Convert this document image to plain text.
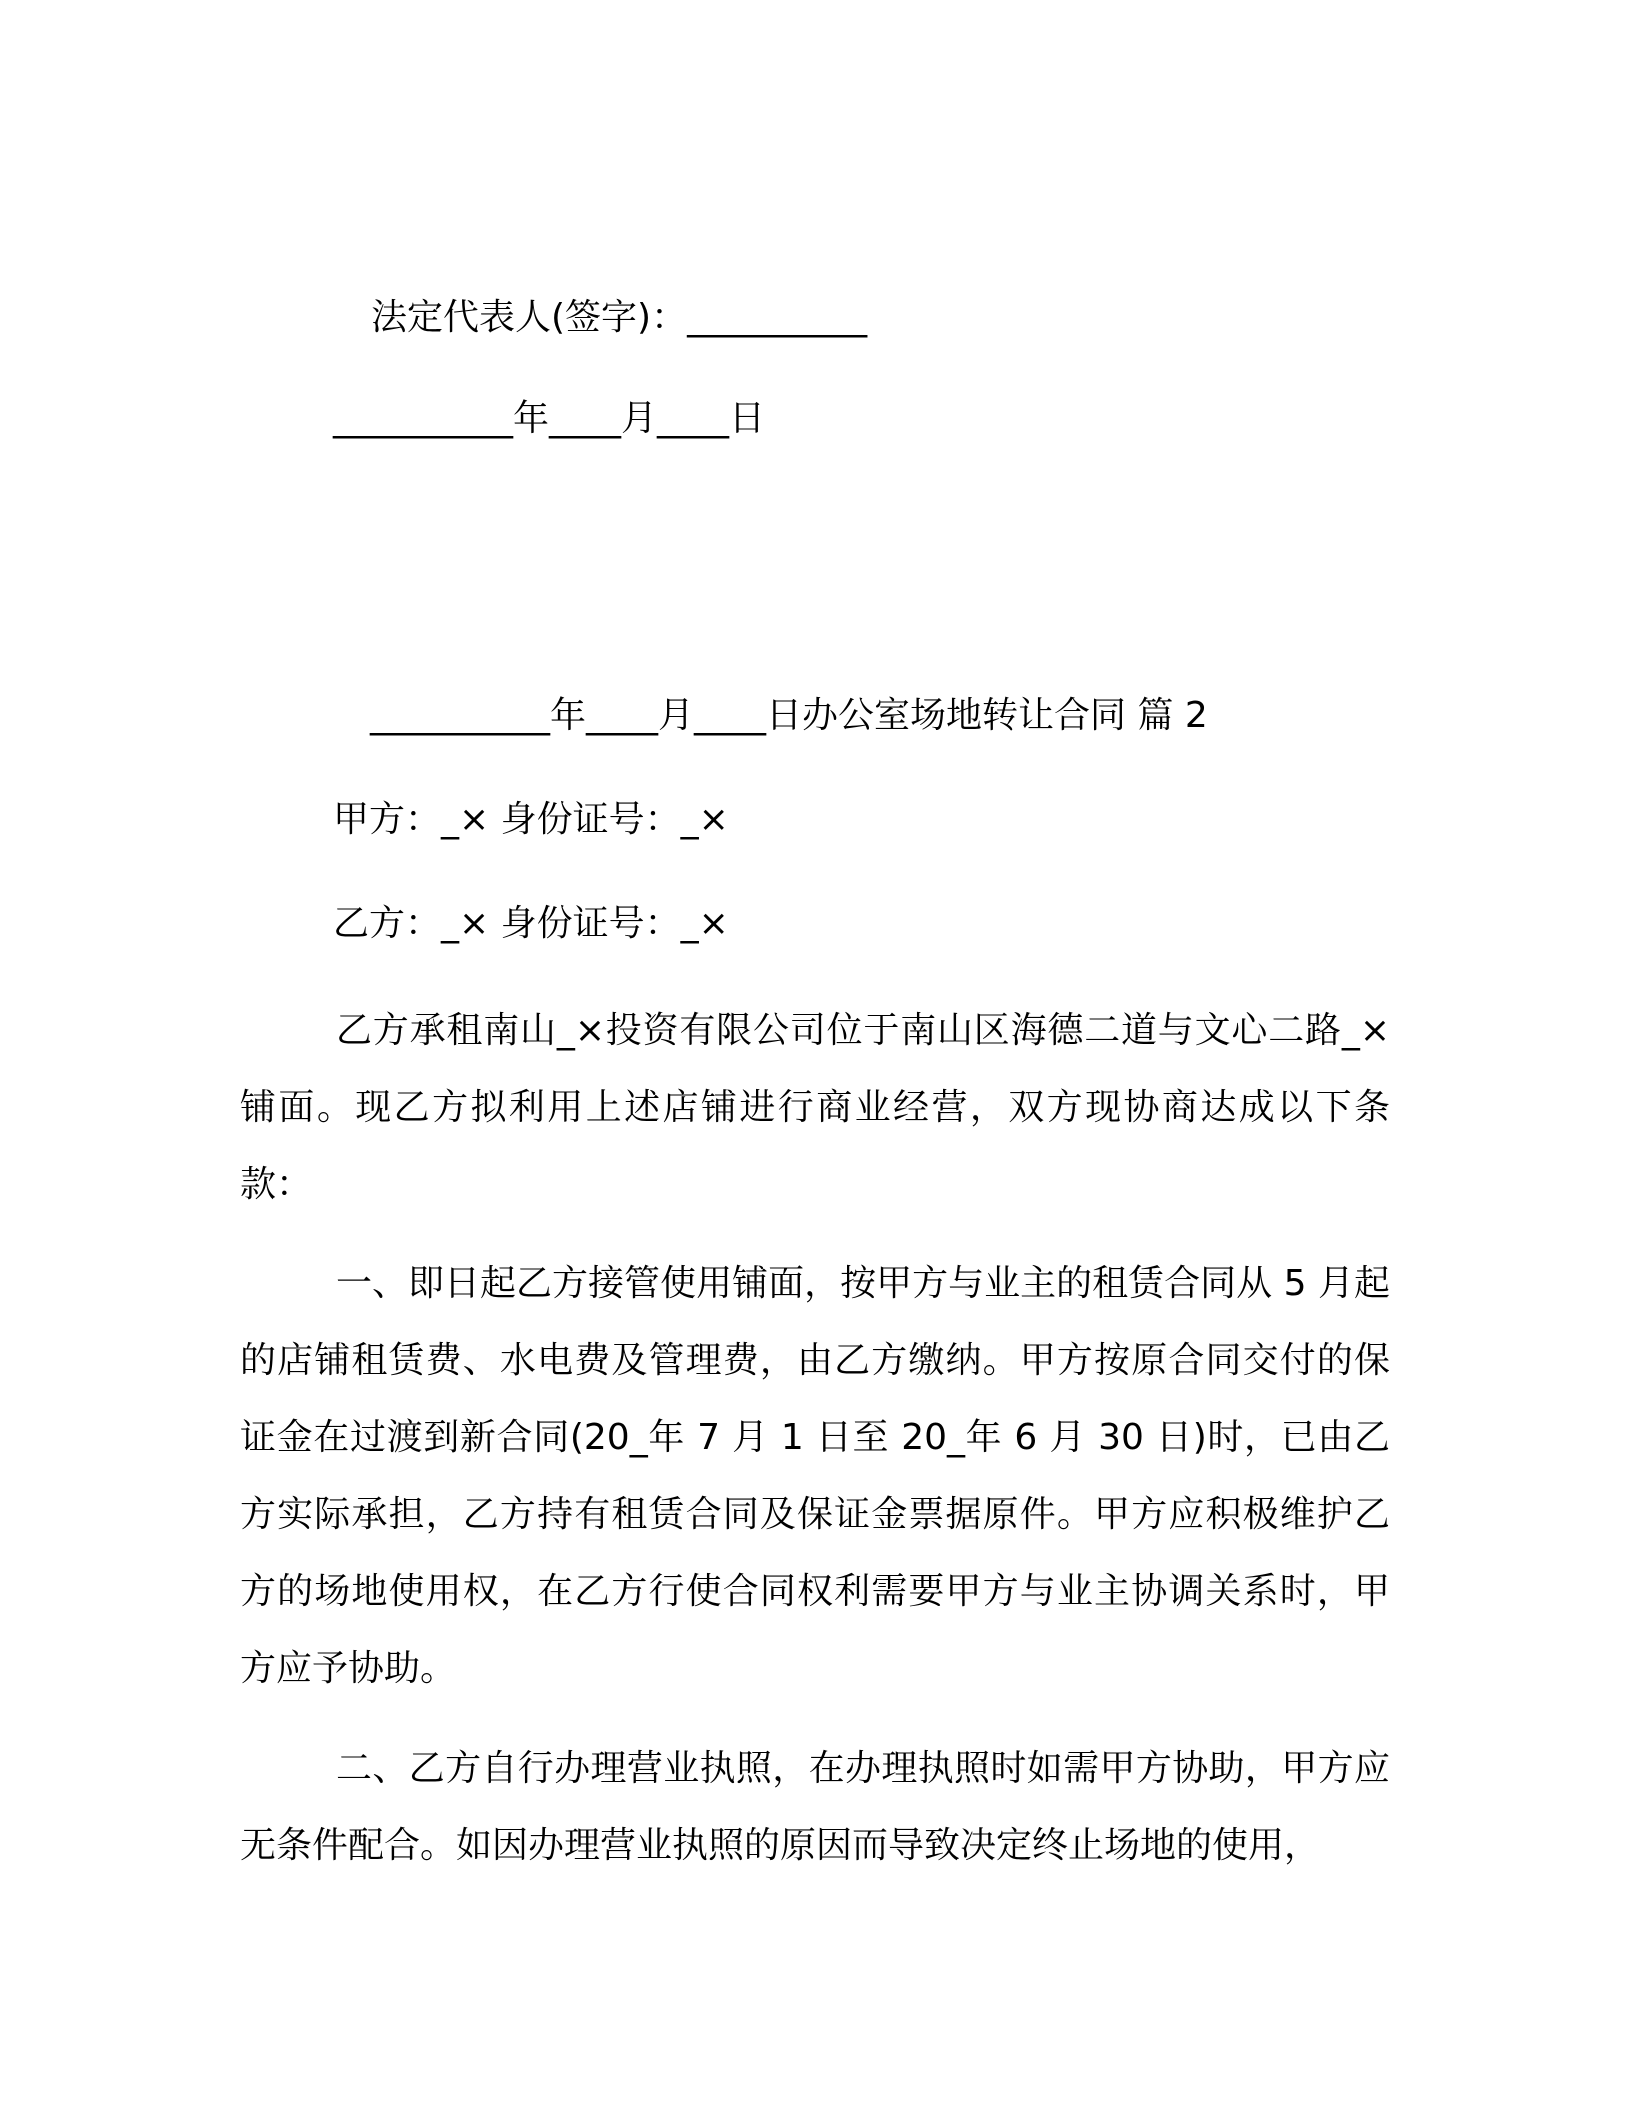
法定代表人(签字)：__________
__________年____月____日
__________年____月____日办公室场地转让合同 篇 2
甲方：_× 身份证号：_×
乙方：_× 身份证号：_×
乙方承租南山_×投资有限公司位于南山区海德二道与文心二路_×铺面。现乙方拟利用上述店铺进行商业经营，双方现协商达成以下条款：
一、即日起乙方接管使用铺面，按甲方与业主的租赁合同从 5 月起的店铺租赁费、水电费及管理费，由乙方缴纳。甲方按原合同交付的保证金在过渡到新合同(20_年 7 月 1 日至 20_年 6 月 30 日)时，已由乙方实际承担，乙方持有租赁合同及保证金票据原件。甲方应积极维护乙方的场地使用权，在乙方行使合同权利需要甲方与业主协调关系时，甲方应予协助。
二、乙方自行办理营业执照，在办理执照时如需甲方协助，甲方应无条件配合。如因办理营业执照的原因而导致决定终止场地的使用，
